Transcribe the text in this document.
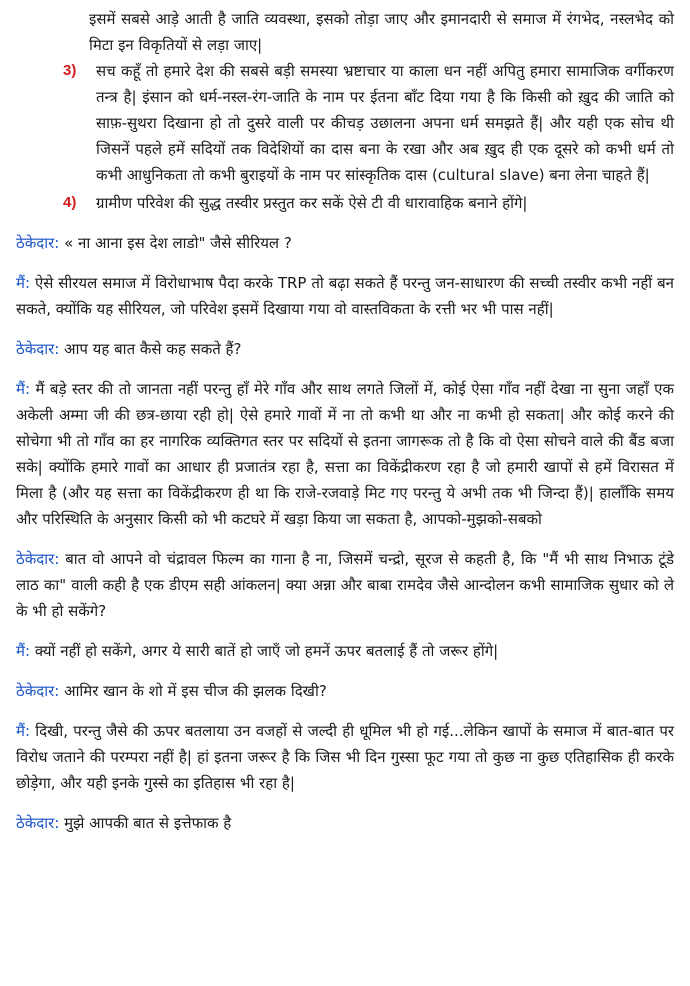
इसमें सबसे आड़े आती है जाति व्यवस्था, इसको तोड़ा जाए और इमानदारी से समाज में रंगभेद, नस्लभेद को मिटा इन विकृतियों से लड़ा जाए|

3) सच कहूँ तो हमारे देश की सबसे बड़ी समस्या भ्रष्टाचार या काला धन नहीं अपितु हमारा सामाजिक वर्गीकरण तन्त्र है| इंसान को धर्म-नस्ल-रंग-जाति के नाम पर ईतना बाँट दिया गया है कि किसी को ख़ुद की जाति को साफ़-सुथरा दिखाना हो तो दुसरे वाली पर कीचड़ उछालना अपना धर्म समझते हैं| और यही एक सोच थी जिसनें पहले हमें सदियों तक विदेशियों का दास बना के रखा और अब ख़ुद ही एक दूसरे को कभी धर्म तो कभी आधुनिकता तो कभी बुराइयों के नाम पर सांस्कृतिक दास (cultural slave) बना लेना चाहते हैं|

4) ग्रामीण परिवेश की सुद्ध तस्वीर प्रस्तुत कर सकें ऐसे टी वी धारावाहिक बनाने होंगे|

ठेकेदार: « ना आना इस देश लाडो" जैसे सीरियल ?

मैं: ऐसे सीरयल समाज में विरोधाभाष पैदा करके TRP तो बढ़ा सकते हैं परन्तु जन-साधारण की सच्ची तस्वीर कभी नहीं बन सकते, क्योंकि यह सीरियल, जो परिवेश इसमें दिखाया गया वो वास्तविकता के रत्ती भर भी पास नहीं|

ठेकेदार: आप यह बात कैसे कह सकते हैं?

मैं: मैं बड़े स्तर की तो जानता नहीं परन्तु हाँ मेरे गाँव और साथ लगते जिलों में, कोई ऐसा गाँव नहीं देखा ना सुना जहाँ एक अकेली अम्मा जी की छत्र-छाया रही हो| ऐसे हमारे गावों में ना तो कभी था और ना कभी हो सकता| और कोई करने की सोचेगा भी तो गाँव का हर नागरिक व्यक्तिगत स्तर पर सदियों से इतना जागरूक तो है कि वो ऐसा सोचने वाले की बैंड बजा सके| क्योंकि हमारे गावों का आधार ही प्रजातंत्र रहा है, सत्ता का विकेंद्रीकरण रहा है जो हमारी खापों से हमें विरासत में मिला है (और यह सत्ता का विकेंद्रीकरण ही था कि राजे-रजवाड़े मिट गए परन्तु ये अभी तक भी जिन्दा हैं)| हालाँकि समय और परिस्थिति के अनुसार किसी को भी कटघरे में खड़ा किया जा सकता है, आपको-मुझको-सबको

ठेकेदार: बात वो आपने वो चंद्रावल फिल्म का गाना है ना, जिसमें चन्द्रो, सूरज से कहती है, कि "मैं भी साथ निभाऊ टूंडे लाठ का" वाली कही है एक डीएम सही आंकलन| क्या अन्ना और बाबा रामदेव जैसे आन्दोलन कभी सामाजिक सुधार को ले के भी हो सकेंगे?

मैं: क्यों नहीं हो सकेंगे, अगर ये सारी बातें हो जाएँ जो हमनें ऊपर बतलाई हैं तो जरूर होंगे|

ठेकेदार: आमिर खान के शो में इस चीज की झलक दिखी?

मैं: दिखी, परन्तु जैसे की ऊपर बतलाया उन वजहों से जल्दी ही धूमिल भी हो गई...लेकिन खापों के समाज में बात-बात पर विरोध जताने की परम्परा नहीं है| हां इतना जरूर है कि जिस भी दिन गुस्सा फूट गया तो कुछ ना कुछ एतिहासिक ही करके छोड़ेगा, और यही इनके गुस्से का इतिहास भी रहा है|

ठेकेदार: मुझे आपकी बात से इत्तेफाक है
